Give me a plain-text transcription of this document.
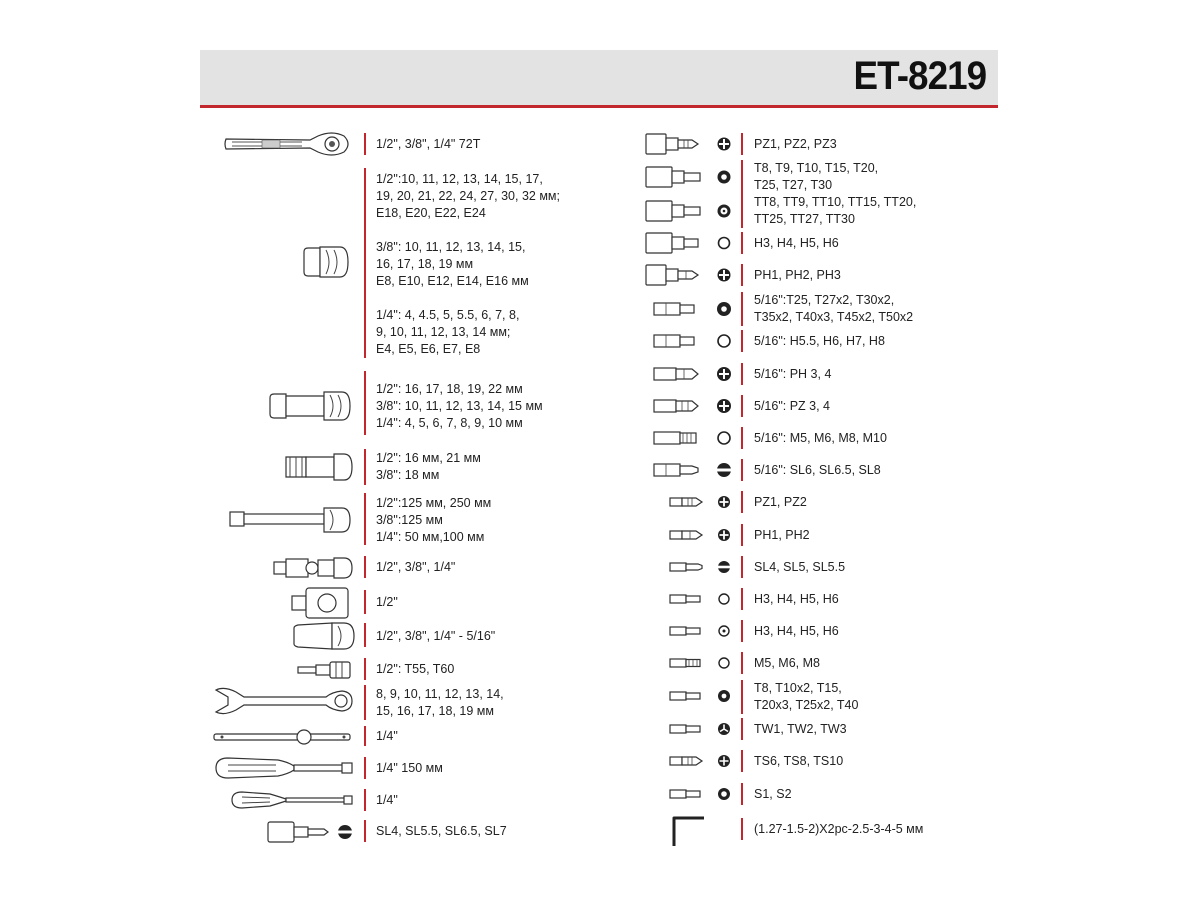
ET-8219
1/2", 3/8", 1/4" 72T
1/2":10, 11, 12, 13, 14, 15, 17,
19, 20, 21, 22, 24, 27, 30, 32 мм;
E18, E20, E22, E24
3/8": 10, 11, 12, 13, 14, 15,
16, 17, 18, 19 мм
E8, E10, E12, E14, E16 мм
1/4": 4, 4.5, 5, 5.5, 6, 7, 8,
9, 10, 11, 12, 13, 14 мм;
E4, E5, E6, E7, E8
1/2": 16, 17, 18, 19, 22 мм
3/8": 10, 11, 12, 13, 14, 15 мм
1/4": 4, 5, 6, 7, 8, 9, 10 мм
1/2": 16 мм, 21 мм
3/8": 18 мм
1/2":125 мм, 250 мм
3/8":125 мм
1/4": 50 мм,100 мм
1/2", 3/8", 1/4"
1/2"
1/2", 3/8", 1/4" - 5/16"
1/2": T55, T60
8, 9, 10, 11, 12, 13, 14,
15, 16, 17, 18, 19 мм
1/4"
1/4" 150 мм
1/4"
SL4, SL5.5, SL6.5, SL7
PZ1, PZ2, PZ3
T8, T9, T10, T15, T20,
T25, T27, T30
TT8, TT9, TT10, TT15, TT20,
TT25, TT27, TT30
H3, H4, H5, H6
PH1, PH2, PH3
5/16":T25, T27x2, T30x2,
T35x2, T40x3, T45x2, T50x2
5/16": H5.5, H6, H7, H8
5/16": PH 3, 4
5/16": PZ 3, 4
5/16": M5, M6, M8, M10
5/16": SL6, SL6.5, SL8
PZ1, PZ2
PH1, PH2
SL4, SL5, SL5.5
H3, H4, H5, H6
H3, H4, H5, H6
M5, M6, M8
T8, T10x2, T15,
T20x3, T25x2, T40
TW1, TW2, TW3
TS6, TS8, TS10
S1, S2
(1.27-1.5-2)X2pc-2.5-3-4-5 мм
